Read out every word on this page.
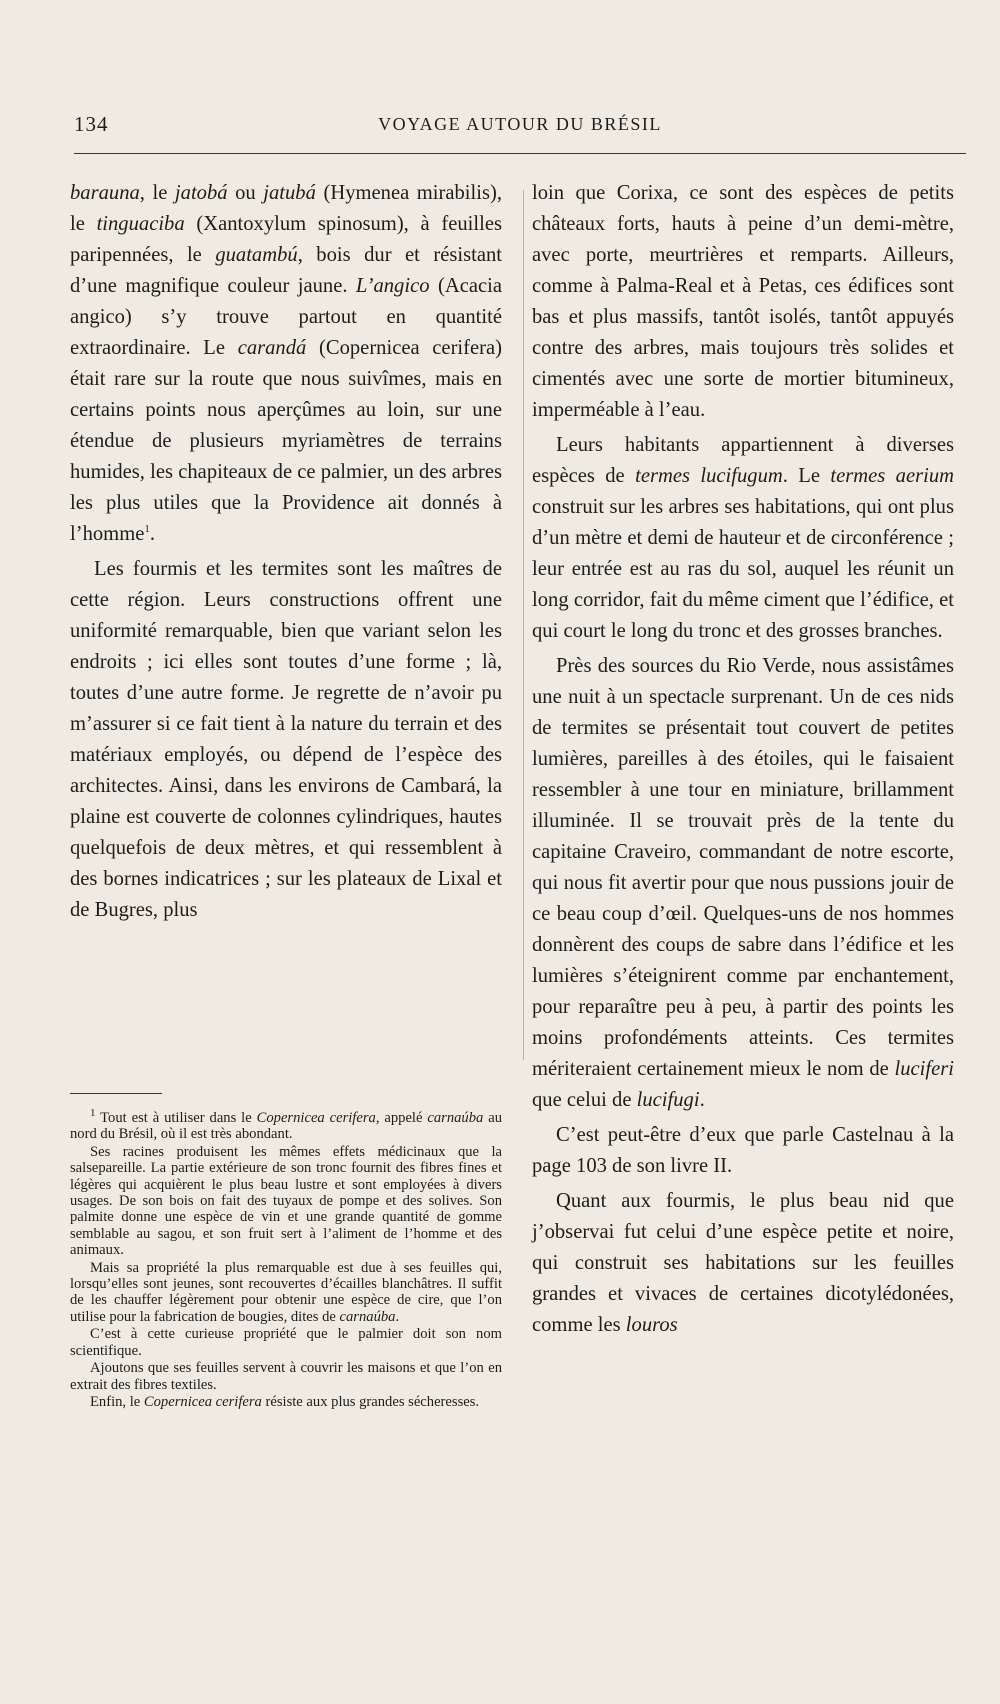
134	VOYAGE AUTOUR DU BRÉSIL

barauna, le jatobá ou jatubá (Hymenea mirabilis), le tinguaciba (Xantoxylum spinosum), à feuilles paripennées, le guatambú, bois dur et résistant d’une magnifique couleur jaune. L’angico (Acacia angico) s’y trouve partout en quantité extraordinaire. Le carandá (Copernicea cerifera) était rare sur la route que nous suivîmes, mais en certains points nous aperçûmes au loin, sur une étendue de plusieurs myriamètres de terrains humides, les chapiteaux de ce palmier, un des arbres les plus utiles que la Providence ait donnés à l’homme$^1$.

Les fourmis et les termites sont les maîtres de cette région. Leurs constructions offrent une uniformité remarquable, bien que variant selon les endroits ; ici elles sont toutes d’une forme ; là, toutes d’une autre forme. Je regrette de n’avoir pu m’assurer si ce fait tient à la nature du terrain et des matériaux employés, ou dépend de l’espèce des architectes. Ainsi, dans les environs de Cambará, la plaine est couverte de colonnes cylindriques, hautes quelquefois de deux mètres, et qui ressemblent à des bornes indicatrices ; sur les plateaux de Lixal et de Bugres, plus

loin que Corixa, ce sont des espèces de petits châteaux forts, hauts à peine d’un demi-mètre, avec porte, meurtrières et remparts. Ailleurs, comme à Palma-Real et à Petas, ces édifices sont bas et plus massifs, tantôt isolés, tantôt appuyés contre des arbres, mais toujours très solides et cimentés avec une sorte de mortier bitumineux, imperméable à l’eau.

Leurs habitants appartiennent à diverses espèces de termes lucifugum. Le termes aerium construit sur les arbres ses habitations, qui ont plus d’un mètre et demi de hauteur et de circonférence ; leur entrée est au ras du sol, auquel les réunit un long corridor, fait du même ciment que l’édifice, et qui court le long du tronc et des grosses branches.

Près des sources du Rio Verde, nous assistâmes une nuit à un spectacle surprenant. Un de ces nids de termites se présentait tout couvert de petites lumières, pareilles à des étoiles, qui le faisaient ressembler à une tour en miniature, brillamment illuminée. Il se trouvait près de la tente du capitaine Craveiro, commandant de notre escorte, qui nous fit avertir pour que nous pussions jouir de ce beau coup d’œil. Quelques-uns de nos hommes donnèrent des coups de sabre dans l’édifice et les lumières s’éteignirent comme par enchantement, pour reparaître peu à peu, à partir des points les moins profondéments atteints. Ces termites mériteraient certainement mieux le nom de luciferi que celui de lucifugi.

C’est peut-être d’eux que parle Castelnau à la page 103 de son livre II.

Quant aux fourmis, le plus beau nid que j’observai fut celui d’une espèce petite et noire, qui construit ses habitations sur les feuilles grandes et vivaces de certaines dicotylédonées, comme les louros

$^1$ Tout est à utiliser dans le Copernicea cerifera, appelé carnaúba au nord du Brésil, où il est très abondant.

Ses racines produisent les mêmes effets médicinaux que la salsepareille. La partie extérieure de son tronc fournit des fibres fines et légères qui acquièrent le plus beau lustre et sont employées à divers usages. De son bois on fait des tuyaux de pompe et des solives. Son palmite donne une espèce de vin et une grande quantité de gomme semblable au sagou, et son fruit sert à l’aliment de l’homme et des animaux.

Mais sa propriété la plus remarquable est due à ses feuilles qui, lorsqu’elles sont jeunes, sont recouvertes d’écailles blanchâtres. Il suffit de les chauffer légèrement pour obtenir une espèce de cire, que l’on utilise pour la fabrication de bougies, dites de carnaúba.

C’est à cette curieuse propriété que le palmier doit son nom scientifique.

Ajoutons que ses feuilles servent à couvrir les maisons et que l’on en extrait des fibres textiles.

Enfin, le Copernicea cerifera résiste aux plus grandes sécheresses.
